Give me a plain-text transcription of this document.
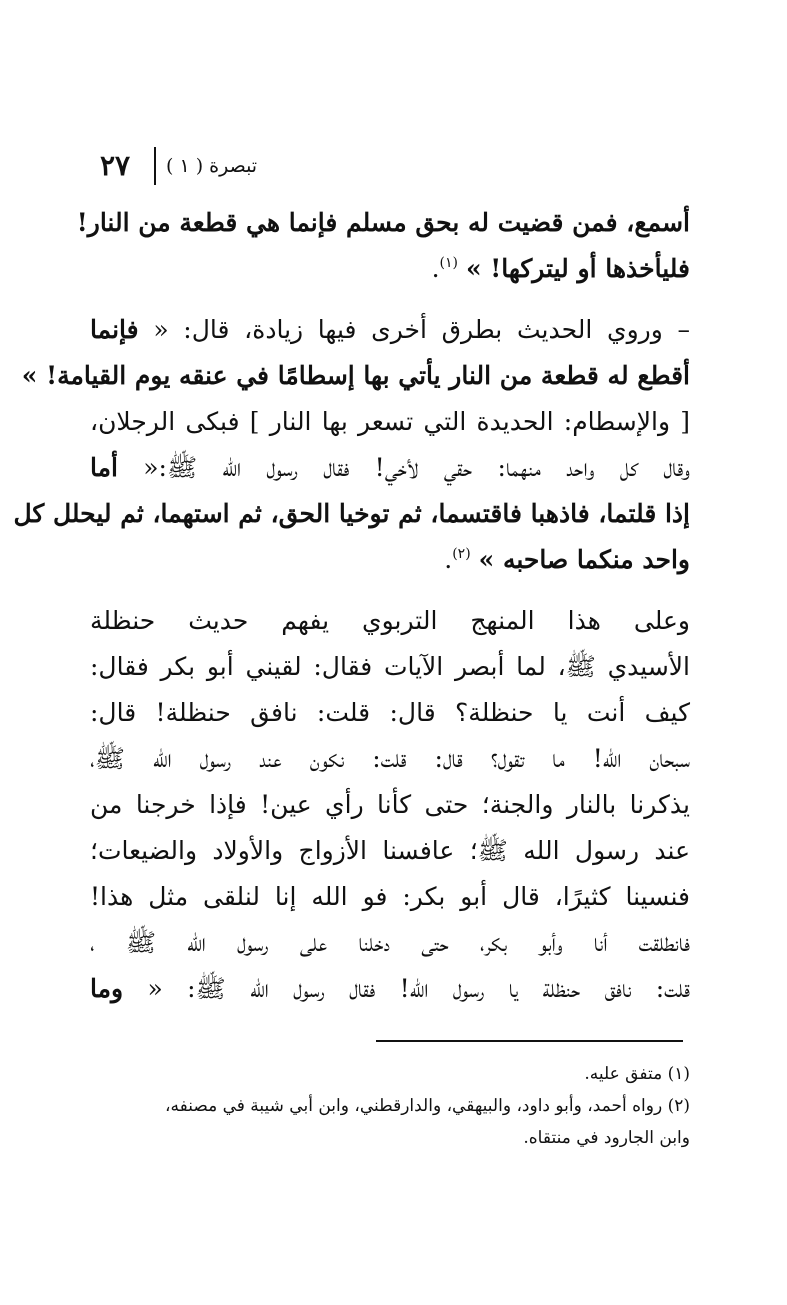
٢٧	تبصرة ( ١ )
أسمع، فمن قضيت له بحق مسلم فإنما هي قطعة من النار!
فليأخذها أو ليتركها! » $^{(١)}$.
– وروي الحديث بطرق أخرى فيها زيادة، قال: « فإنما
أقطع له قطعة من النار يأتي بها إسطامًا في عنقه يوم القيامة! »
[ والإسطام: الحديدة التي تسعر بها النار ] فبكى الرجلان،
وقال كل واحد منهما: حقي لأخي! فقال رسول الله ﷺ:« أما
إذا قلتما، فاذهبا فاقتسما، ثم توخيا الحق، ثم استهما، ثم ليحلل كل
واحد منكما صاحبه » $^{(٢)}$.
وعلى هذا المنهج التربوي يفهم حديث حنظلة
الأسيدي ﷺ، لما أبصر الآيات فقال: لقيني أبو بكر فقال:
كيف أنت يا حنظلة؟ قال: قلت: نافق حنظلة! قال:
سبحان الله! ما تقول؟ قال: قلت: نكون عند رسول الله ﷺ،
يذكرنا بالنار والجنة؛ حتى كأنا رأي عين! فإذا خرجنا من
عند رسول الله ﷺ؛ عافسنا الأزواج والأولاد والضيعات؛
فنسينا كثيرًا، قال أبو بكر: فو الله إنا لنلقى مثل هذا!
فانطلقت أنا وأبو بكر، حتى دخلنا على رسول الله ﷺ ،
قلت: نافق حنظلة يا رسول الله! فقال رسول الله ﷺ: « وما
(١) متفق عليه.
(٢) رواه أحمد، وأبو داود، والبيهقي، والدارقطني، وابن أبي شيبة في مصنفه،
وابن الجارود في منتقاه.
